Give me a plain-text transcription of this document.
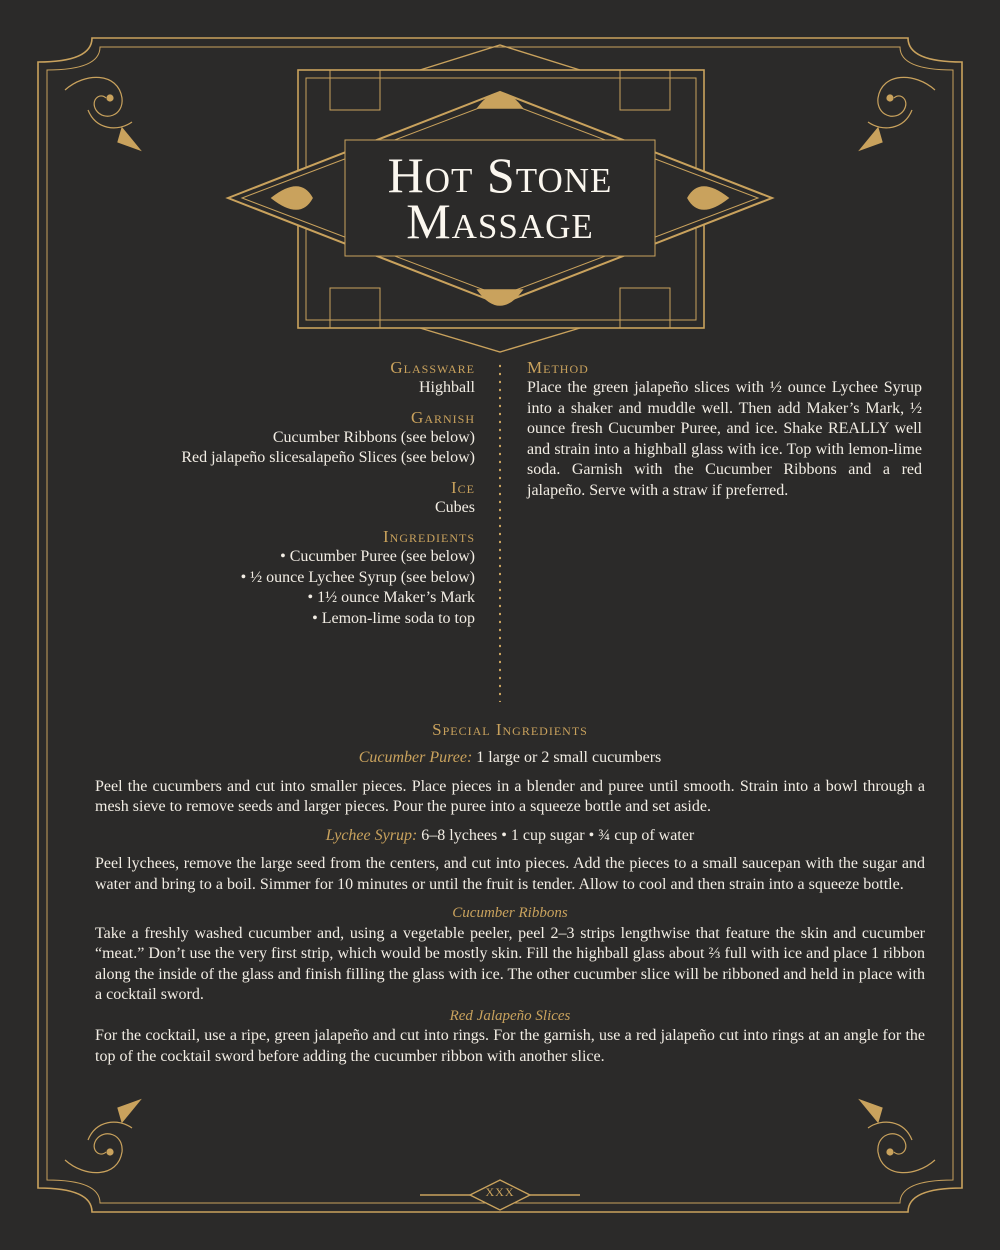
Hot Stone
Massage
Glassware
Highball
Garnish
Cucumber Ribbons (see below)
Red jalapeño slicesalapeño Slices (see below)
Ice
Cubes
Ingredients
• Cucumber Puree (see below)
• ½ ounce Lychee Syrup (see below)
• 1½ ounce Maker’s Mark
• Lemon-lime soda to top
Method

Place the green jalapeño slices with ½ ounce Lychee Syrup into a shaker and muddle well. Then add Maker’s Mark, ½ ounce fresh Cucumber Puree, and ice. Shake REALLY well and strain into a highball glass with ice. Top with lemon-lime soda. Garnish with the Cucumber Ribbons and a red jalapeño. Serve with a straw if preferred.

Special Ingredients

Cucumber Puree: 1 large or 2 small cucumbers

Peel the cucumbers and cut into smaller pieces. Place pieces in a blender and puree until smooth. Strain into a bowl through a mesh sieve to remove seeds and larger pieces. Pour the puree into a squeeze bottle and set aside.

Lychee Syrup: 6–8 lychees • 1 cup sugar • ¾ cup of water

Peel lychees, remove the large seed from the centers, and cut into pieces. Add the pieces to a small saucepan with the sugar and water and bring to a boil. Simmer for 10 minutes or until the fruit is tender. Allow to cool and then strain into a squeeze bottle.

Cucumber Ribbons

Take a freshly washed cucumber and, using a vegetable peeler, peel 2–3 strips lengthwise that feature the skin and cucumber “meat.” Don’t use the very first strip, which would be mostly skin. Fill the highball glass about ⅔ full with ice and place 1 ribbon along the inside of the glass and finish filling the glass with ice. The other cucumber slice will be ribboned and held in place with a cocktail sword.

Red Jalapeño Slices

For the cocktail, use a ripe, green jalapeño and cut into rings. For the garnish, use a red jalapeño cut into rings at an angle for the top of the cocktail sword before adding the cucumber ribbon with another slice.

XXX
